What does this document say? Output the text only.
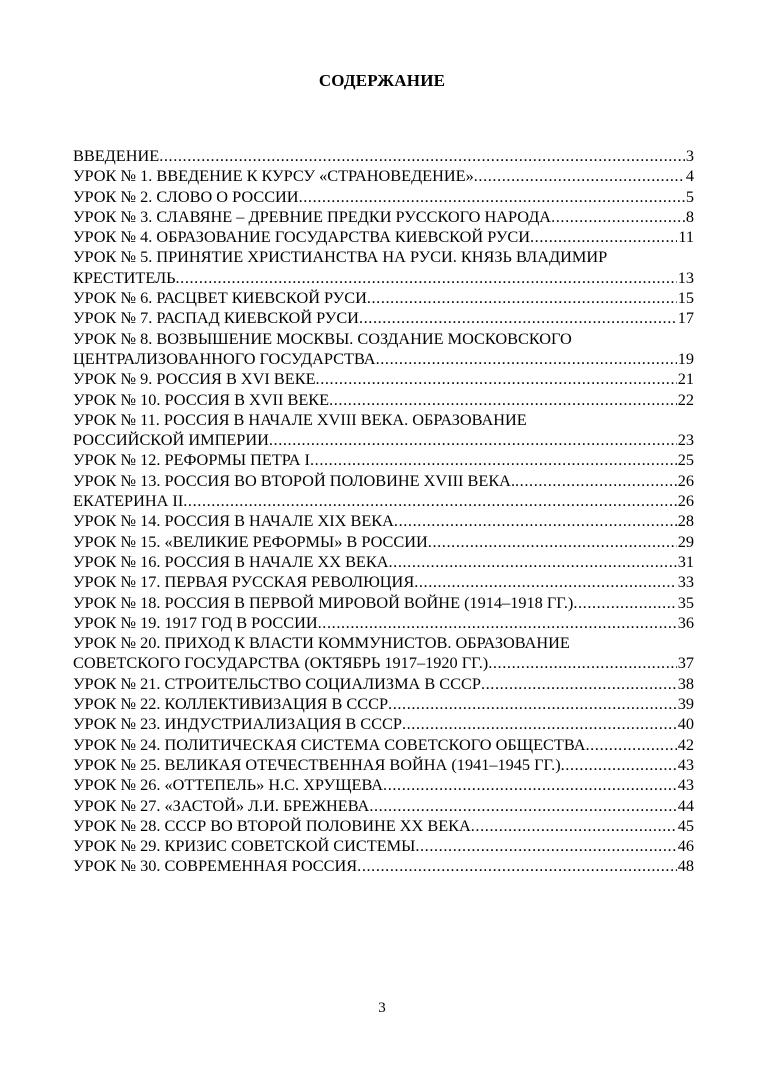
СОДЕРЖАНИЕ
ВВЕДЕНИЕ .....	3
УРОК № 1. ВВЕДЕНИЕ К КУРСУ «СТРАНОВЕДЕНИЕ» .....	4
УРОК № 2. СЛОВО О РОССИИ .....	5
УРОК № 3. СЛАВЯНЕ – ДРЕВНИЕ ПРЕДКИ РУССКОГО НАРОДА .....	8
УРОК № 4. ОБРАЗОВАНИЕ ГОСУДАРСТВА КИЕВСКОЙ РУСИ .....	11
УРОК № 5. ПРИНЯТИЕ ХРИСТИАНСТВА НА РУСИ. КНЯЗЬ ВЛАДИМИР
КРЕСТИТЕЛЬ .....	13
УРОК № 6. РАСЦВЕТ КИЕВСКОЙ РУСИ .....	15
УРОК № 7. РАСПАД КИЕВСКОЙ РУСИ .....	17
УРОК № 8. ВОЗВЫШЕНИЕ МОСКВЫ. СОЗДАНИЕ МОСКОВСКОГО
ЦЕНТРАЛИЗОВАННОГО ГОСУДАРСТВА .....	19
УРОК № 9. РОССИЯ В XVI ВЕКЕ .....	21
УРОК № 10. РОССИЯ В XVII ВЕКЕ .....	22
УРОК № 11. РОССИЯ В НАЧАЛЕ XVIII ВЕКА. ОБРАЗОВАНИЕ
РОССИЙСКОЙ ИМПЕРИИ .....	23
УРОК № 12. РЕФОРМЫ ПЕТРА I .....	25
УРОК № 13. РОССИЯ ВО ВТОРОЙ ПОЛОВИНЕ XVIII ВЕКА. .....	26
ЕКАТЕРИНА II .....	26
УРОК № 14. РОССИЯ В НАЧАЛЕ XIX ВЕКА .....	28
УРОК № 15. «ВЕЛИКИЕ РЕФОРМЫ» В РОССИИ .....	29
УРОК № 16. РОССИЯ В НАЧАЛЕ XX ВЕКА .....	31
УРОК № 17. ПЕРВАЯ РУССКАЯ РЕВОЛЮЦИЯ .....	33
УРОК № 18. РОССИЯ В ПЕРВОЙ МИРОВОЙ ВОЙНЕ (1914–1918 ГГ.) .....	35
УРОК № 19. 1917 ГОД В РОССИИ .....	36
УРОК № 20. ПРИХОД К ВЛАСТИ КОММУНИСТОВ. ОБРАЗОВАНИЕ
СОВЕТСКОГО ГОСУДАРСТВА (ОКТЯБРЬ 1917–1920 ГГ.) .....	37
УРОК № 21. СТРОИТЕЛЬСТВО СОЦИАЛИЗМА В СССР .....	38
УРОК № 22. КОЛЛЕКТИВИЗАЦИЯ В СССР .....	39
УРОК № 23. ИНДУСТРИАЛИЗАЦИЯ В СССР .....	40
УРОК № 24. ПОЛИТИЧЕСКАЯ СИСТЕМА СОВЕТСКОГО ОБЩЕСТВА .....	42
УРОК № 25. ВЕЛИКАЯ ОТЕЧЕСТВЕННАЯ ВОЙНА (1941–1945 ГГ.) .....	43
УРОК № 26. «ОТТЕПЕЛЬ» Н.С. ХРУЩЕВА .....	43
УРОК № 27. «ЗАСТОЙ» Л.И. БРЕЖНЕВА .....	44
УРОК № 28. СССР ВО ВТОРОЙ ПОЛОВИНЕ XX ВЕКА .....	45
УРОК № 29. КРИЗИС СОВЕТСКОЙ СИСТЕМЫ .....	46
УРОК № 30. СОВРЕМЕННАЯ РОССИЯ .....	48
3
